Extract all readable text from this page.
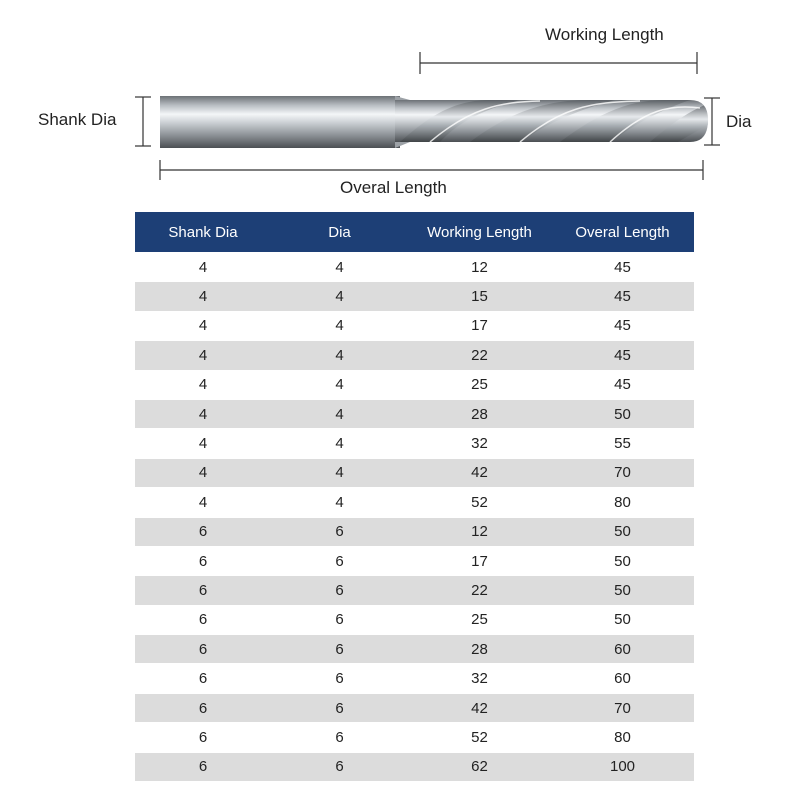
Working Length
Shank Dia	Dia
Overal Length
Shank Dia	Dia	Working Length	Overal Length
4	4	12	45
4	4	15	45
4	4	17	45
4	4	22	45
4	4	25	45
4	4	28	50
4	4	32	55
4	4	42	70
4	4	52	80
6	6	12	50
6	6	17	50
6	6	22	50
6	6	25	50
6	6	28	60
6	6	32	60
6	6	42	70
6	6	52	80
6	6	62	100
